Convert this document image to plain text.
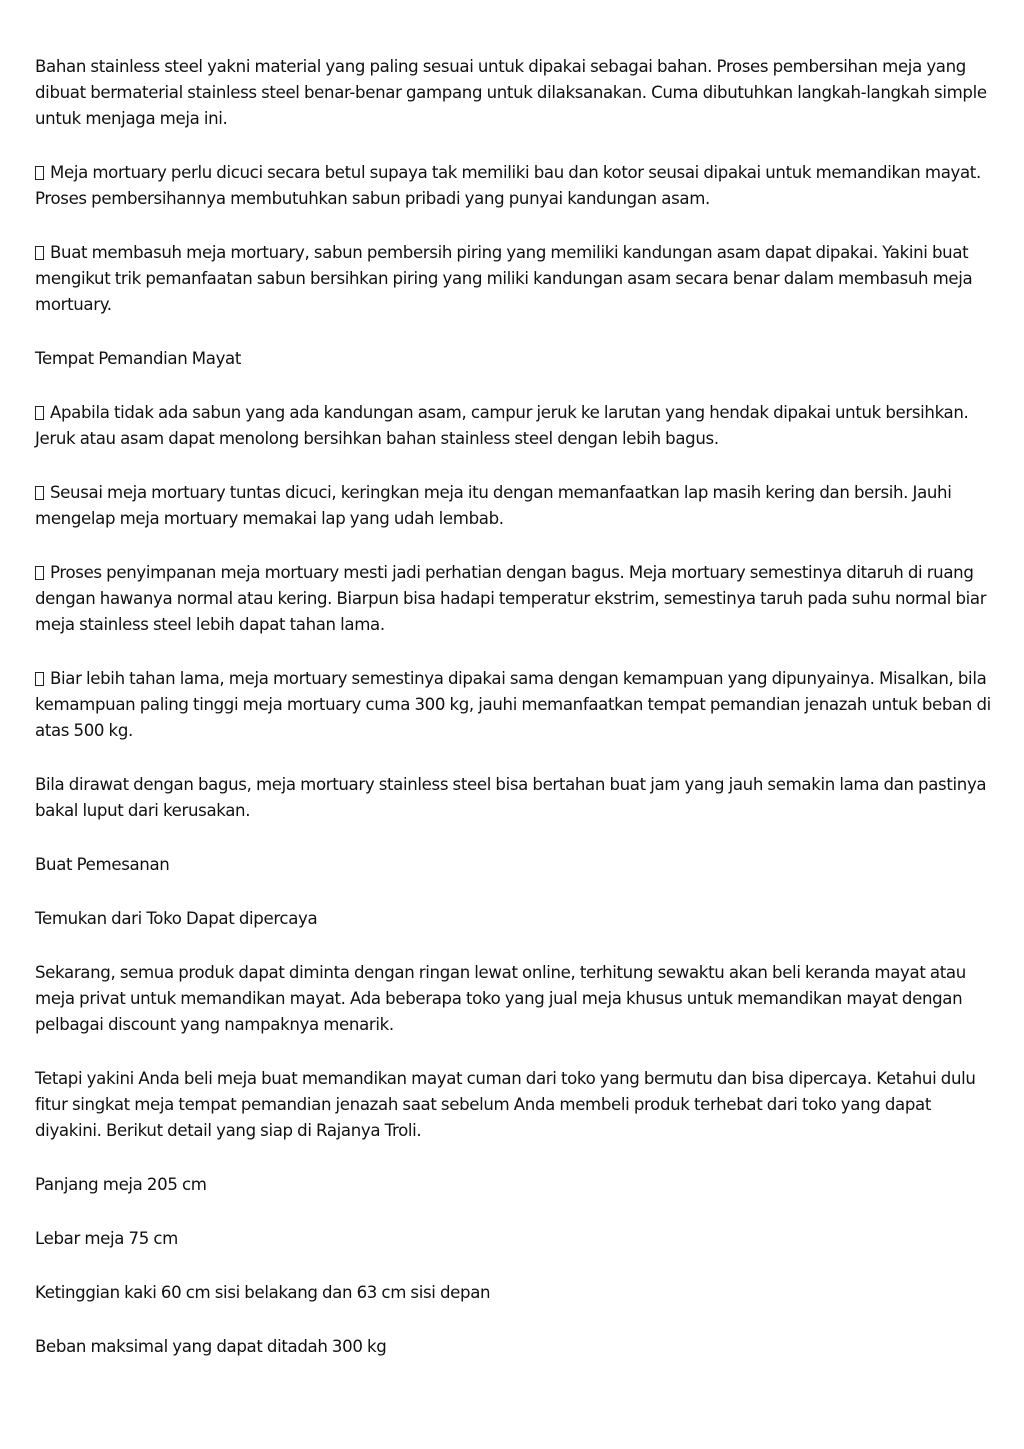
Bahan stainless steel yakni material yang paling sesuai untuk dipakai sebagai bahan. Proses pembersihan meja yang dibuat bermaterial stainless steel benar-benar gampang untuk dilaksanakan. Cuma dibutuhkan langkah-langkah simple untuk menjaga meja ini.

Meja mortuary perlu dicuci secara betul supaya tak memiliki bau dan kotor seusai dipakai untuk memandikan mayat. Proses pembersihannya membutuhkan sabun pribadi yang punyai kandungan asam.

Buat membasuh meja mortuary, sabun pembersih piring yang memiliki kandungan asam dapat dipakai. Yakini buat mengikut trik pemanfaatan sabun bersihkan piring yang miliki kandungan asam secara benar dalam membasuh meja mortuary.

Tempat Pemandian Mayat

Apabila tidak ada sabun yang ada kandungan asam, campur jeruk ke larutan yang hendak dipakai untuk bersihkan. Jeruk atau asam dapat menolong bersihkan bahan stainless steel dengan lebih bagus.

Seusai meja mortuary tuntas dicuci, keringkan meja itu dengan memanfaatkan lap masih kering dan bersih. Jauhi mengelap meja mortuary memakai lap yang udah lembab.

Proses penyimpanan meja mortuary mesti jadi perhatian dengan bagus. Meja mortuary semestinya ditaruh di ruang dengan hawanya normal atau kering. Biarpun bisa hadapi temperatur ekstrim, semestinya taruh pada suhu normal biar meja stainless steel lebih dapat tahan lama.

Biar lebih tahan lama, meja mortuary semestinya dipakai sama dengan kemampuan yang dipunyainya. Misalkan, bila kemampuan paling tinggi meja mortuary cuma 300 kg, jauhi memanfaatkan tempat pemandian jenazah untuk beban di atas 500 kg.

Bila dirawat dengan bagus, meja mortuary stainless steel bisa bertahan buat jam yang jauh semakin lama dan pastinya bakal luput dari kerusakan.

Buat Pemesanan

Temukan dari Toko Dapat dipercaya

Sekarang, semua produk dapat diminta dengan ringan lewat online, terhitung sewaktu akan beli keranda mayat atau meja privat untuk memandikan mayat. Ada beberapa toko yang jual meja khusus untuk memandikan mayat dengan pelbagai discount yang nampaknya menarik.

Tetapi yakini Anda beli meja buat memandikan mayat cuman dari toko yang bermutu dan bisa dipercaya. Ketahui dulu fitur singkat meja tempat pemandian jenazah saat sebelum Anda membeli produk terhebat dari toko yang dapat diyakini. Berikut detail yang siap di Rajanya Troli.

Panjang meja 205 cm

Lebar meja 75 cm

Ketinggian kaki 60 cm sisi belakang dan 63 cm sisi depan

Beban maksimal yang dapat ditadah 300 kg
